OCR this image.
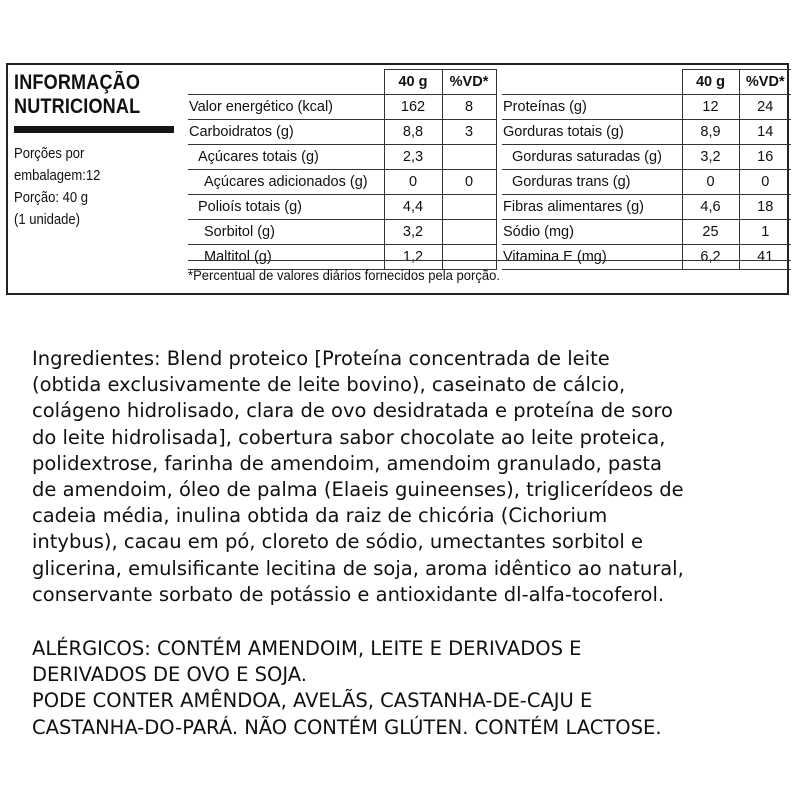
INFORMAÇÃO
NUTRICIONAL
Porções por
embalagem:12
Porção: 40 g
(1 unidade)
	40 g	%VD*
Valor energético (kcal)	162	8
Carboidratos (g)	8,8	3
Açúcares totais (g)	2,3	
Açúcares adicionados (g)	0	0
Polioís totais (g)	4,4	
Sorbitol (g)	3,2	
Maltitol (g)	1,2	
	40 g	%VD*
Proteínas (g)	12	24
Gorduras totais (g)	8,9	14
Gorduras saturadas (g)	3,2	16
Gorduras trans (g)	0	0
Fibras alimentares (g)	4,6	18
Sódio (mg)	25	1
Vitamina E (mg)	6,2	41
*Percentual de valores diários fornecidos pela porção.
Ingredientes: Blend proteico [Proteína concentrada de leite
(obtida exclusivamente de leite bovino), caseinato de cálcio,
colágeno hidrolisado, clara de ovo desidratada e proteína de soro
do leite hidrolisada], cobertura sabor chocolate ao leite proteica,
polidextrose, farinha de amendoim, amendoim granulado, pasta
de amendoim, óleo de palma (Elaeis guineenses), triglicerídeos de
cadeia média, inulina obtida da raiz de chicória (Cichorium
intybus), cacau em pó, cloreto de sódio, umectantes sorbitol e
glicerina, emulsificante lecitina de soja, aroma idêntico ao natural,
conservante sorbato de potássio e antioxidante dl-alfa-tocoferol.
ALÉRGICOS: CONTÉM AMENDOIM, LEITE E DERIVADOS E
DERIVADOS DE OVO E SOJA.
PODE CONTER AMÊNDOA, AVELÃS, CASTANHA-DE-CAJU E
CASTANHA-DO-PARÁ. NÃO CONTÉM GLÚTEN. CONTÉM LACTOSE.
